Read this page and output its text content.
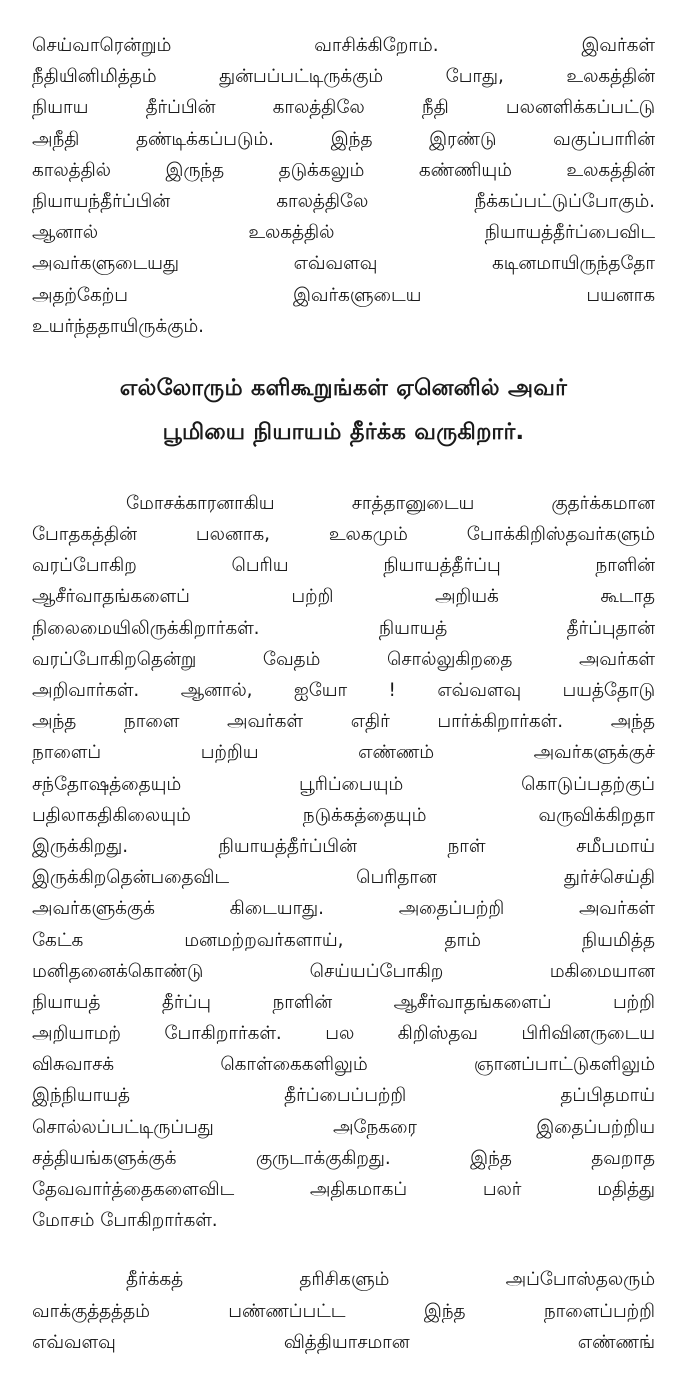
செய்வாரென்றும் வாசிக்கிறோம். இவர்கள்
நீதியினிமித்தம் துன்பப்பட்டிருக்கும் போது, உலகத்தின்
நியாய தீர்ப்பின் காலத்திலே நீதி பலனளிக்கப்பட்டு
அநீதி தண்டிக்கப்படும். இந்த இரண்டு வகுப்பாரின்
காலத்தில் இருந்த தடுக்கலும் கண்ணியும் உலகத்தின்
நியாயந்தீர்ப்பின் காலத்திலே நீக்கப்பட்டுப்போகும்.
ஆனால் உலகத்தில் நியாயத்தீர்ப்பைவிட
அவர்களுடையது எவ்வளவு கடினமாயிருந்ததோ
அதற்கேற்ப இவர்களுடைய பயனாக
உயர்ந்ததாயிருக்கும்.
எல்லோரும் களிகூறுங்கள் ஏனெனில் அவர்
பூமியை நியாயம் தீர்க்க வருகிறார்.
மோசக்காரனாகிய சாத்தானுடைய குதர்க்கமான
போதகத்தின் பலனாக, உலகமும் போக்கிறிஸ்தவர்களும்
வரப்போகிற பெரிய நியாயத்தீர்ப்பு நாளின்
ஆசீர்வாதங்களைப் பற்றி அறியக் கூடாத
நிலைமையிலிருக்கிறார்கள். நியாயத் தீர்ப்புதான்
வரப்போகிறதென்று வேதம் சொல்லுகிறதை அவர்கள்
அறிவார்கள். ஆனால், ஐயோ ! எவ்வளவு பயத்தோடு
அந்த நாளை அவர்கள் எதிர் பார்க்கிறார்கள். அந்த
நாளைப் பற்றிய எண்ணம் அவர்களுக்குச்
சந்தோஷத்தையும் பூரிப்பையும் கொடுப்பதற்குப்
பதிலாகதிகிலையும் நடுக்கத்தையும் வருவிக்கிறதா
இருக்கிறது. நியாயத்தீர்ப்பின் நாள் சமீபமாய்
இருக்கிறதென்பதைவிட பெரிதான துர்ச்செய்தி
அவர்களுக்குக் கிடையாது. அதைப்பற்றி அவர்கள்
கேட்க மனமற்றவர்களாய், தாம் நியமித்த
மனிதனைக்கொண்டு செய்யப்போகிற மகிமையான
நியாயத் தீர்ப்பு நாளின் ஆசீர்வாதங்களைப் பற்றி
அறியாமற் போகிறார்கள். பல கிறிஸ்தவ பிரிவினருடைய
விசுவாசக் கொள்கைகளிலும் ஞானப்பாட்டுகளிலும்
இந்நியாயத் தீர்ப்பைப்பற்றி தப்பிதமாய்
சொல்லப்பட்டிருப்பது அநேகரை இதைப்பற்றிய
சத்தியங்களுக்குக் குருடாக்குகிறது. இந்த தவறாத
தேவவார்த்தைகளைவிட அதிகமாகப் பலர் மதித்து
மோசம் போகிறார்கள்.
தீர்க்கத் தரிசிகளும் அப்போஸ்தலரும்
வாக்குத்தத்தம் பண்ணப்பட்ட இந்த நாளைப்பற்றி
எவ்வளவு வித்தியாசமான எண்ணங்
